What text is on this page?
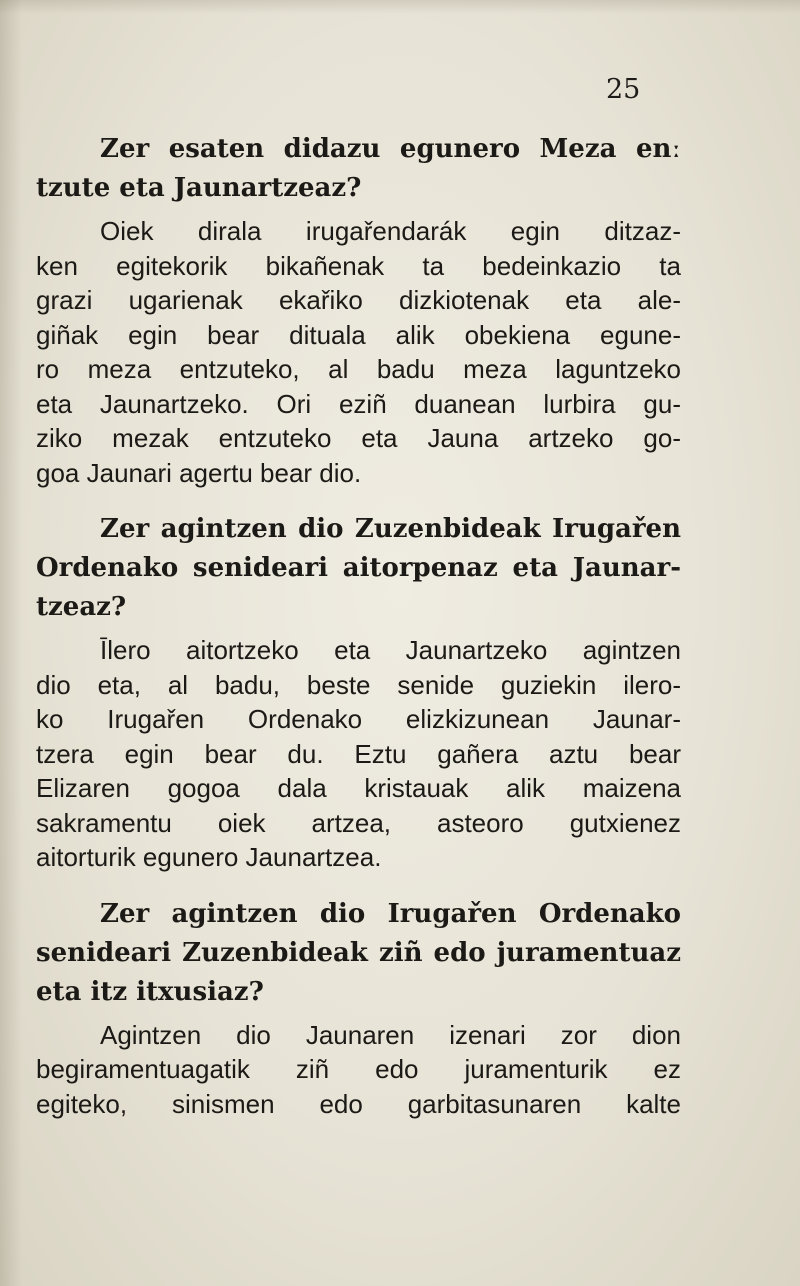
25
Zer esaten didazu egunero Meza enː
tzute eta Jaunartzeaz?
Oiek dirala irugařendarák egin ditzaz-
ken egitekorik bikañenak ta bedeinkazio ta
grazi ugarienak ekařiko dizkiotenak eta ale-
giñak egin bear dituala alik obekiena egune-
ro meza entzuteko, al badu meza laguntzeko
eta Jaunartzeko. Ori eziñ duanean lurbira gu-
ziko mezak entzuteko eta Jauna artzeko go-
goa Jaunari agertu bear dio.
Zer agintzen dio Zuzenbideak Irugařen
Ordenako senideari aitorpenaz eta Jaunar-
tzeaz?
Īlero aitortzeko eta Jaunartzeko agintzen
dio eta, al badu, beste senide guziekin ilero-
ko Irugařen Ordenako elizkizunean Jaunar-
tzera egin bear du. Eztu gañera aztu bear
Elizaren gogoa dala kristauak alik maizena
sakramentu oiek artzea, asteoro gutxienez
aitorturik egunero Jaunartzea.
Zer agintzen dio Irugařen Ordenako
senideari Zuzenbideak ziñ edo juramentuaz
eta itz itxusiaz?
Agintzen dio Jaunaren izenari zor dion
begiramentuagatik ziñ edo juramenturik ez
egiteko, sinismen edo garbitasunaren kalte
